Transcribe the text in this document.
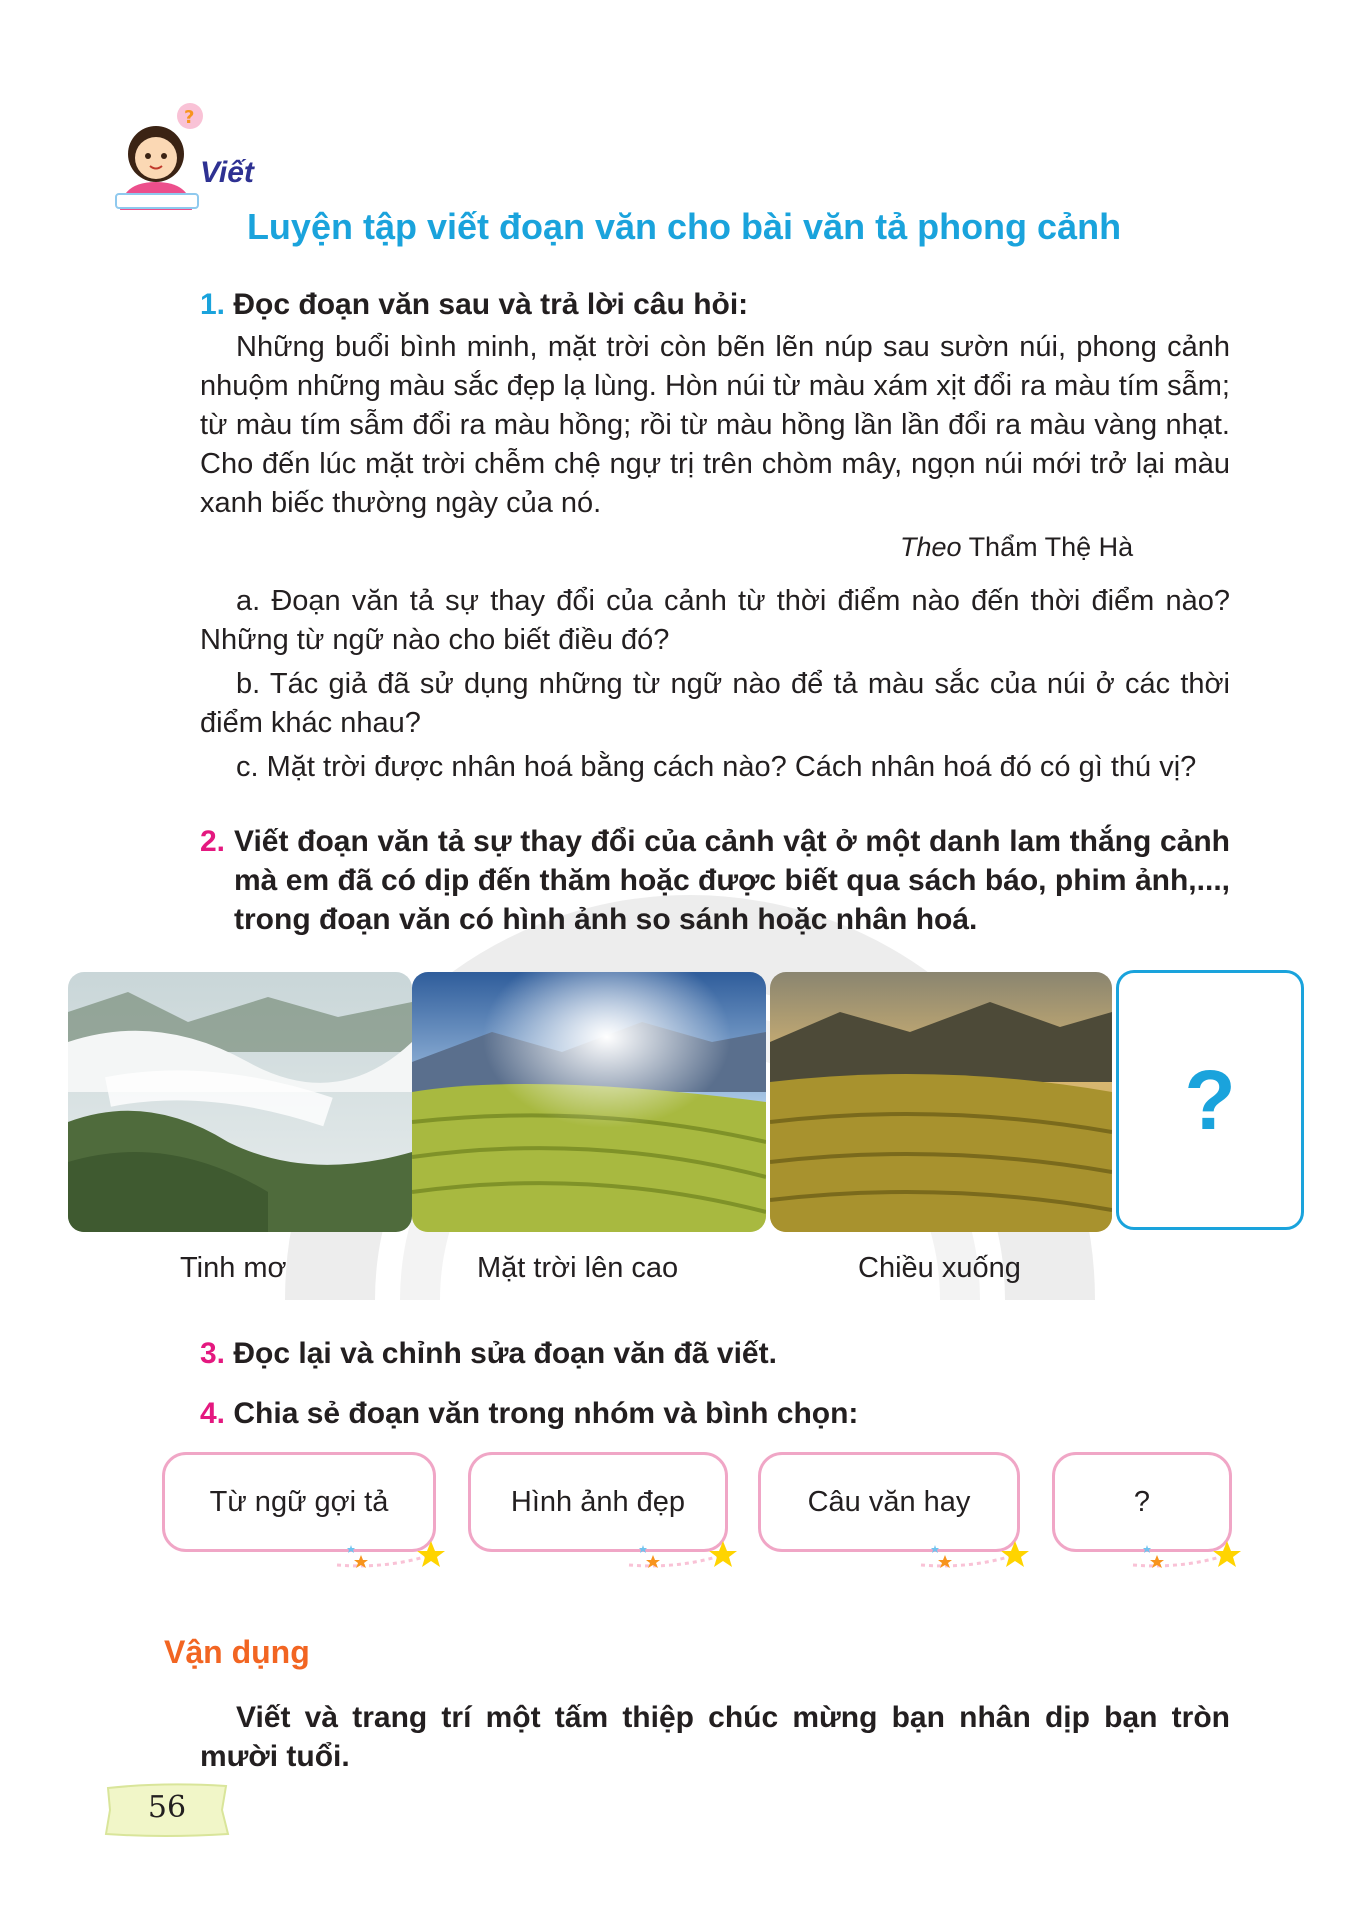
?
Viết
Luyện tập viết đoạn văn cho bài văn tả phong cảnh
1. Đọc đoạn văn sau và trả lời câu hỏi:

Những buổi bình minh, mặt trời còn bẽn lẽn núp sau sườn núi, phong cảnh nhuộm những màu sắc đẹp lạ lùng. Hòn núi từ màu xám xịt đổi ra màu tím sẫm; từ màu tím sẫm đổi ra màu hồng; rồi từ màu hồng lần lần đổi ra màu vàng nhạt. Cho đến lúc mặt trời chễm chệ ngự trị trên chòm mây, ngọn núi mới trở lại màu xanh biếc thường ngày của nó.

Theo Thẩm Thệ Hà

a. Đoạn văn tả sự thay đổi của cảnh từ thời điểm nào đến thời điểm nào? Những từ ngữ nào cho biết điều đó?

b. Tác giả đã sử dụng những từ ngữ nào để tả màu sắc của núi ở các thời điểm khác nhau?

c. Mặt trời được nhân hoá bằng cách nào? Cách nhân hoá đó có gì thú vị?

2. Viết đoạn văn tả sự thay đổi của cảnh vật ở một danh lam thắng cảnh mà em đã có dịp đến thăm hoặc được biết qua sách báo, phim ảnh,..., trong đoạn văn có hình ảnh so sánh hoặc nhân hoá.
?
Tinh mơ	Mặt trời lên cao	Chiều xuống
3. Đọc lại và chỉnh sửa đoạn văn đã viết.
4. Chia sẻ đoạn văn trong nhóm và bình chọn:
Từ ngữ gợi tả	Hình ảnh đẹp	Câu văn hay	?
Vận dụng
Viết và trang trí một tấm thiệp chúc mừng bạn nhân dịp bạn tròn mười tuổi.
56
